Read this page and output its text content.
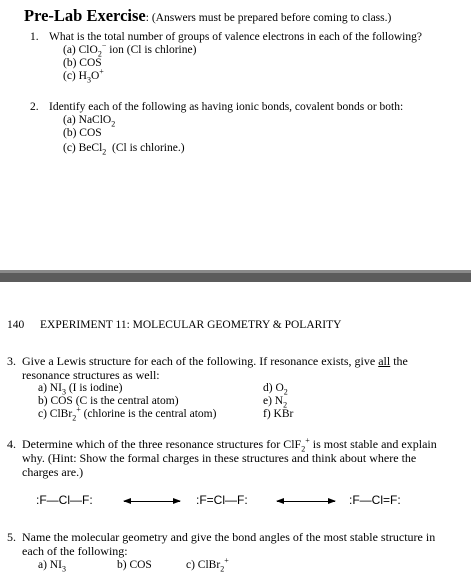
Pre-Lab Exercise: (Answers must be prepared before coming to class.)
1. What is the total number of groups of valence electrons in each of the following?
(a) ClO$_2$− ion (Cl is chlorine)
(b) COS
(c) $H_3O^+$
2. Identify each of the following as having ionic bonds, covalent bonds or both:
(a) NaClO$_2$
(b) COS
(c) BeCl$_2$ (Cl is chlorine.)
140 EXPERIMENT 11: MOLECULAR GEOMETRY & POLARITY
3. Give a Lewis structure for each of the following. If resonance exists, give all the
resonance structures as well:
a) $NI_3$ (I is iodine)
b) COS (C is the central atom)
c) ClBr$_2$+ (chlorine is the central atom)
d) $O_2$
e) $N_2$
f) KBr
4. Determine which of the three resonance structures for ClF$_2$+ is most stable and explain
why. (Hint: Show the formal charges in these structures and think about where the
charges are.)
:F—Cl—F:	:F=Cl—F:	:F—Cl=F:
5. Name the molecular geometry and give the bond angles of the most stable structure in
each of the following:
a) $NI_3$	b) COS	c) ClBr$_2$+
